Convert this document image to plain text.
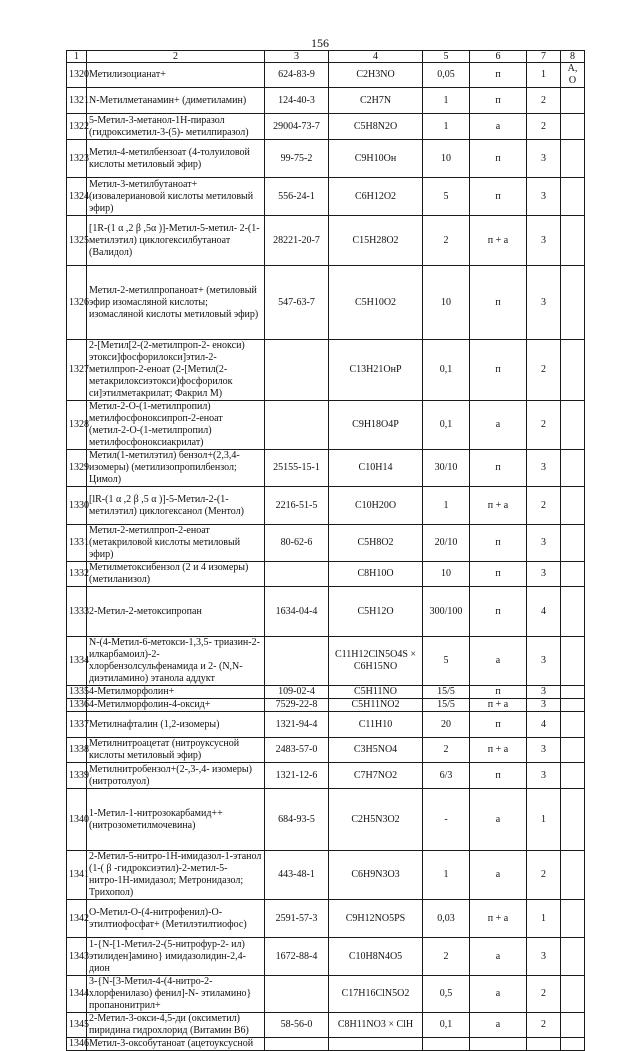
156
1	2	3	4	5	6	7	8
1320	Метилизоцианат+	624-83-9	C2H3NO	0,05	п	1	А, О
1321	N-Метилметанамин+ (диметиламин)	124-40-3	C2H7N	1	п	2	
1322	5-Метил-3-метанол-1Н-пиразол (гидроксиметил-3-(5)- метилпиразол)	29004-73-7	C5H8N2O	1	а	2	
1323	Метил-4-метилбензоат (4-толуиловой кислоты метиловый эфир)	99-75-2	C9H10Oн	10	п	3	
1324	Метил-3-метилбутаноат+ (изовалериановой кислоты метиловый эфир)	556-24-1	C6H12O2	5	п	3	
1325	[1R-(1 α ,2 β ,5α )]-Метил-5-метил- 2-(1-метилэтил) циклогексилбутаноат (Валидол)	28221-20-7	C15H28O2	2	п + а	3	
1326	Метил-2-метилпропаноат+ (метиловый эфир изомасляной кислоты; изомасляной кислоты метиловый эфир)	547-63-7	C5H10O2	10	п	3	
1327	2-[Метил[2-(2-метилпроп-2- енокси) этокси]фосфорилокси]этил-2- метилпроп-2-еноат (2-[Метил(2- метакрилоксиэтокси)фосфорилок си]этилметакрилат; Факрил М)		C13H21OнP	0,1	п	2	
1328	Метил-2-О-(1-метилпропил) метилфосфоноксипроп-2-еноат (метил-2-О-(1-метилпропил) метилфосфоноксиакрилат)		C9H18O4P	0,1	а	2	
1329	Метил(1-метилэтил) бензол+(2,3,4-изомеры) (метилизопропилбензол; Цимол)	25155-15-1	C10H14	30/10	п	3	
1330	[lR-(1 α ,2 β ,5 α )]-5-Метил-2-(1-метилэтил) циклогексанол (Ментол)	2216-51-5	C10H20O	1	п + а	2	
1331	Метил-2-метилпроп-2-еноат (метакриловой кислоты метиловый эфир)	80-62-6	C5H8O2	20/10	п	3	
1332	Метилметоксибензол (2 и 4 изомеры) (метиланизол)		C8H10O	10	п	3	
1333	2-Метил-2-метоксипропан	1634-04-4	C5H12O	300/100	п	4	
1334	N-(4-Метил-6-метокси-1,3,5- триазин-2-илкарбамоил)-2-хлорбензолсульфенамида и 2- (N,N-диэтиламино) этанола аддукт		C11H12ClN5O4S × C6H15NO	5	а	3	
1335	4-Метилморфолин+	109-02-4	C5H11NO	15/5	п	3	
1336	4-Метилморфолин-4-оксид+	7529-22-8	C5H11NO2	15/5	п + а	3	
1337	Метилнафталин (1,2-изомеры)	1321-94-4	C11H10	20	п	4	
1338	Метилнитроацетат (нитроуксусной кислоты метиловый эфир)	2483-57-0	C3H5NO4	2	п + а	3	
1339	Метилнитробензол+(2-,3-,4- изомеры) (нитротолуол)	1321-12-6	C7H7NO2	6/3	п	3	
1340	1-Метил-1-нитрозокарбамид++ (нитрозометилмочевина)	684-93-5	C2H5N3O2	-	а	1	
1341	2-Метил-5-нитро-1Н-имидазол-1-этанол (1-( β -гидроксиэтил)-2-метил-5- нитро-1Н-имидазол; Метронидазол; Трихопол)	443-48-1	C6H9N3O3	1	а	2	
1342	О-Метил-О-(4-нитрофенил)-О-этилтиофосфат+ (Метилэтилтиофос)	2591-57-3	C9H12NO5PS	0,03	п + а	1	
1343	1-{N-[1-Метил-2-(5-нитрофур-2- ил) этилиден]амино} имидазолидин-2,4-дион	1672-88-4	C10H8N4O5	2	а	3	
1344	3-{N-[3-Метил-4-(4-нитро-2- хлорфенилазо) фенил]-N- этиламино} пропанонитрил+		C17H16ClN5O2	0,5	а	2	
1345	2-Метил-3-окси-4,5-ди (оксиметил) пиридина гидрохлорид (Витамин В6)	58-56-0	C8H11NO3 × ClH	0,1	а	2	
1346	Метил-3-оксобутаноат (ацетоуксусной						
